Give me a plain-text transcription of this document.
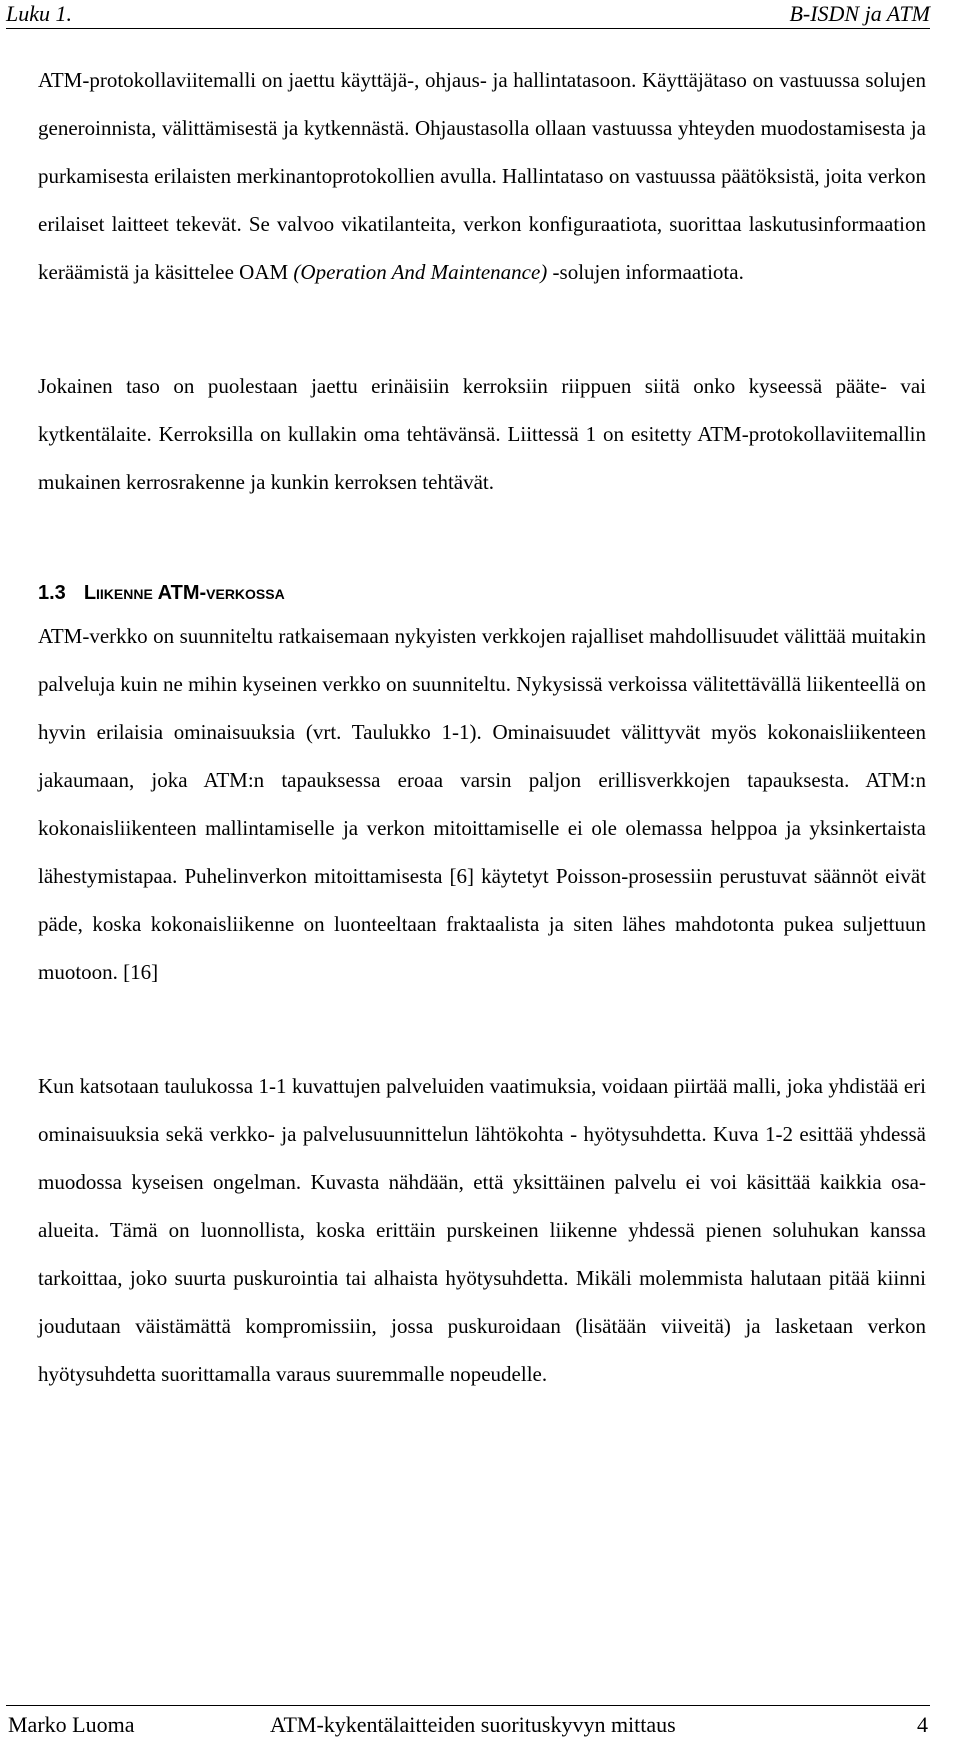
Luku 1.	B-ISDN ja ATM

ATM-protokollaviitemalli on jaettu käyttäjä-, ohjaus- ja hallintatasoon. Käyttäjätaso on vastuussa solujen generoinnista, välittämisestä ja kytkennästä. Ohjaustasolla ollaan vastuussa yhteyden muodostamisesta ja purkamisesta erilaisten merkinantoprotokollien avulla. Hallintataso on vastuussa päätöksistä, joita verkon erilaiset laitteet tekevät. Se valvoo vikatilanteita, verkon konfiguraatiota, suorittaa laskutusinformaation keräämistä ja käsittelee OAM (Operation And Maintenance) -solujen informaatiota.

Jokainen taso on puolestaan jaettu erinäisiin kerroksiin riippuen siitä onko kyseessä pääte- vai kytkentälaite. Kerroksilla on kullakin oma tehtävänsä. Liittessä 1 on esitetty ATM-protokollaviitemallin mukainen kerrosrakenne ja kunkin kerroksen tehtävät.

1.3 LIIKENNE ATM-VERKOSSA

ATM-verkko on suunniteltu ratkaisemaan nykyisten verkkojen rajalliset mahdollisuudet välittää muitakin palveluja kuin ne mihin kyseinen verkko on suunniteltu. Nykysissä verkoissa välitettävällä liikenteellä on hyvin erilaisia ominaisuuksia (vrt. Taulukko 1-1). Ominaisuudet välittyvät myös kokonaisliikenteen jakaumaan, joka ATM:n tapauksessa eroaa varsin paljon erillisverkkojen tapauksesta. ATM:n kokonaisliikenteen mallintamiselle ja verkon mitoittamiselle ei ole olemassa helppoa ja yksinkertaista lähestymistapaa. Puhelinverkon mitoittamisesta [6] käytetyt Poisson-prosessiin perustuvat säännöt eivät päde, koska kokonaisliikenne on luonteeltaan fraktaalista ja siten lähes mahdotonta pukea suljettuun muotoon. [16]

Kun katsotaan taulukossa 1-1 kuvattujen palveluiden vaatimuksia, voidaan piirtää malli, joka yhdistää eri ominaisuuksia sekä verkko- ja palvelusuunnittelun lähtökohta - hyötysuhdetta. Kuva 1-2 esittää yhdessä muodossa kyseisen ongelman. Kuvasta nähdään, että yksittäinen palvelu ei voi käsittää kaikkia osa-alueita. Tämä on luonnollista, koska erittäin purskeinen liikenne yhdessä pienen soluhukan kanssa tarkoittaa, joko suurta puskurointia tai alhaista hyötysuhdetta. Mikäli molemmista halutaan pitää kiinni joudutaan väistämättä kompromissiin, jossa puskuroidaan (lisätään viiveitä) ja lasketaan verkon hyötysuhdetta suorittamalla varaus suuremmalle nopeudelle.

Marko Luoma	ATM-kykentälaitteiden suorituskyvyn mittaus	4
